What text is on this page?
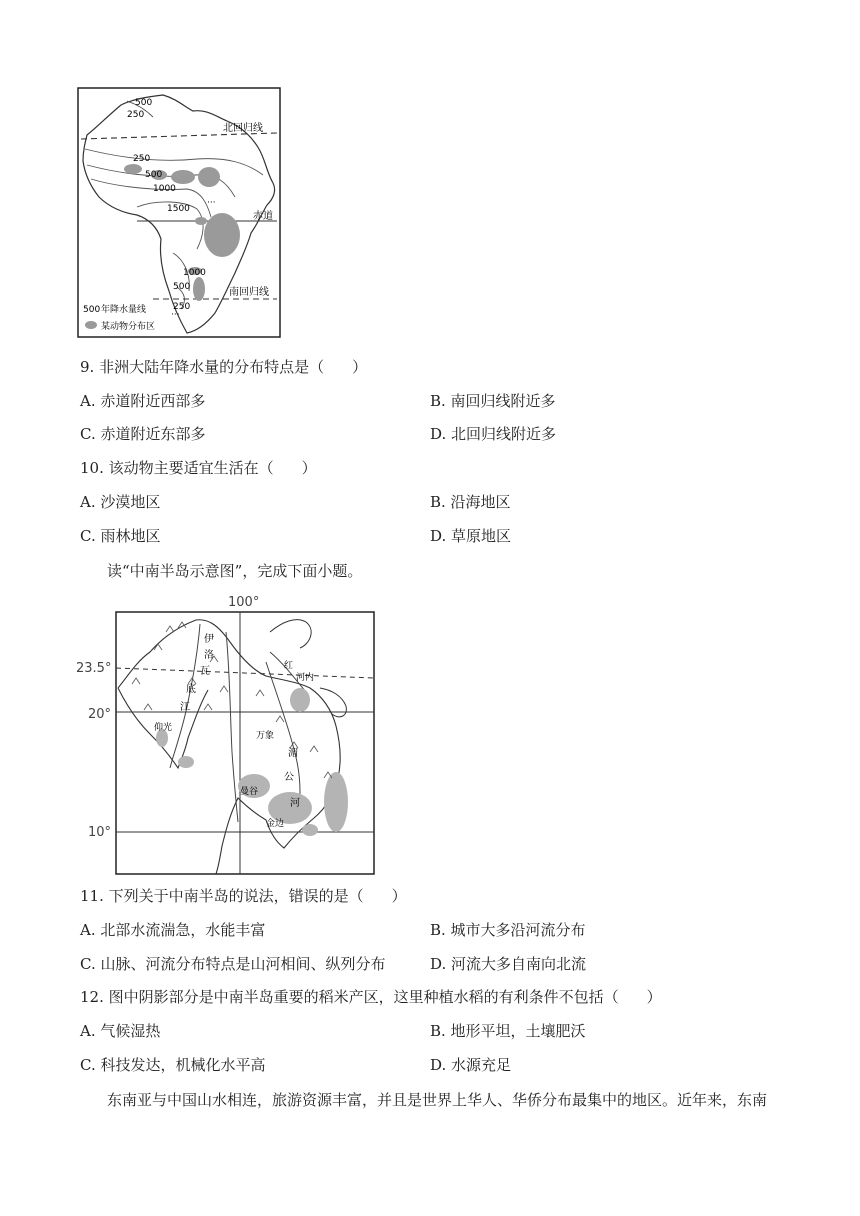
500
250
北回归线
250
500
1000
1500
1000
500
250
赤道
南回归线
···
···
500 年降水量线
某动物分布区
9. 非洲大陆年降水量的分布特点是（ ）
A. 赤道附近西部多	B. 南回归线附近多
C. 赤道附近东部多	D. 北回归线附近多
10. 该动物主要适宜生活在（ ）
A. 沙漠地区	B. 沿海地区
C. 雨林地区	D. 草原地区
读“中南半岛示意图”，完成下面小题。
100°
23.5°
20°
10°
伊
洛
瓦
底
江
仰光
河内
红
万象
湄
公
河
曼谷
金边
11. 下列关于中南半岛的说法，错误的是（ ）
A. 北部水流湍急，水能丰富	B. 城市大多沿河流分布
C. 山脉、河流分布特点是山河相间、纵列分布	D. 河流大多自南向北流
12. 图中阴影部分是中南半岛重要的稻米产区，这里种植水稻的有利条件不包括（ ）
A. 气候湿热	B. 地形平坦，土壤肥沃
C. 科技发达，机械化水平高	D. 水源充足
东南亚与中国山水相连，旅游资源丰富，并且是世界上华人、华侨分布最集中的地区。近年来，东南
